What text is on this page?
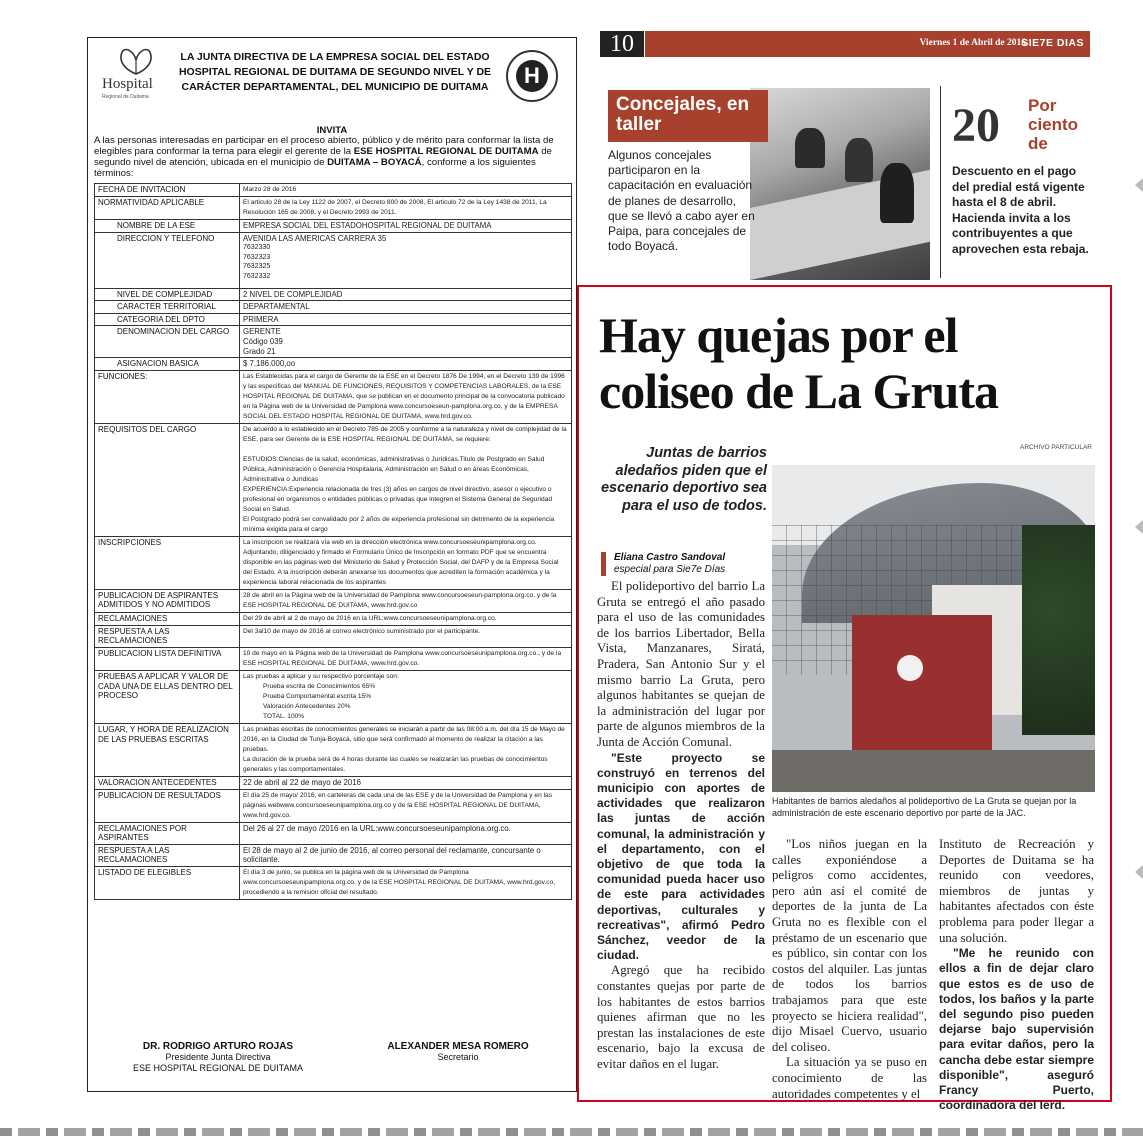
Hospital
Regional de Duitama
LA JUNTA DIRECTIVA DE LA EMPRESA SOCIAL DEL ESTADO HOSPITAL REGIONAL DE DUITAMA DE SEGUNDO NIVEL Y DE CARÁCTER DEPARTAMENTAL, DEL MUNICIPIO DE DUITAMA	H
INVITA
A las personas interesadas en participar en el proceso abierto, público y de mérito para conformar la lista de elegibles para conformar la terna para elegir el gerente de la ESE HOSPITAL REGIONAL DE DUITAMA de segundo nivel de atención, ubicada en el municipio de DUITAMA – BOYACÁ, conforme a los siguientes términos:
FECHA DE INVITACION	Marzo 28 de 2016
NORMATIVIDAD APLICABLE	El articulo 28 de la Ley 1122 de 2007, el Decreto 800 de 2008, El articulo 72 de la Ley 1438 de 2011, La Resolución 165 de 2008, y el Decreto 2993 de 2011.
NOMBRE DE LA ESE	EMPRESA SOCIAL DEL ESTADOHOSPITAL REGIONAL DE DUITAMA
DIRECCION Y TELEFONO	AVENIDA LAS AMERICAS CARRERA 35
7632330
7632323
7632325
7632332

NIVEL DE COMPLEJIDAD	2 NIVEL DE COMPLEJIDAD
CARACTER TERRITORIAL	DEPARTAMENTAL
CATEGORIA DEL DPTO	PRIMERA
DENOMINACION DEL CARGO	GERENTE
Código 039
Grado 21

ASIGNACION BASICA	$ 7.186.000,oo
FUNCIONES:	Las Establecidas para el cargo de Gerente de la ESE en el Decreto 1876 De 1994, en el Decreto 139 de 1996 y las especificas del MANUAL DE FUNCIONES, REQUISITOS Y COMPETENCIAS LABORALES, de la ESE HOSPITAL REGIONAL DE DUITAMA, que se publican en el documento principal de la convocatoria publicado en la Página web de la Universidad de Pamplona www.concursoeseun-pamplona.org.co, y de la EMPRESA SOCIAL DEL ESTADO HOSPITAL REGIONAL DE DUITAMA, www.hrd.gov.co.
REQUISITOS DEL CARGO	De acuerdo a lo establecido en el Decreto 785 de 2005 y conforme a la naturaleza y nivel de complejidad de la ESE, para ser Gerente de la ESE HOSPITAL REGIONAL DE DUITAMA, se requiere:
ESTUDIOS:Ciencias de la salud, económicas, administrativas o Jurídicas.Titulo de Postgrado en Salud Pública, Administración o Gerencia Hospitalaria, Administración en Salud o en áreas Económicas, Administrativa o Jurídicas
EXPERIENCIA:Experiencia relacionada de tres (3) años en cargos de nivel directivo, asesor o ejecutivo o profesional en organismos o entidades públicas o privadas que integren el Sistema General de Seguridad Social en Salud.
El Postgrado podrá ser convalidado por 2 años de experiencia profesional sin detrimento de la experiencia mínima exigida para el cargo

INSCRIPCIONES	La inscripción se realizará vía web en la dirección electrónica www.concursoeseunipamplona.org.co. Adjuntando, diligenciado y firmado el Formulario Único de Inscripción en formato PDF que se encuentra disponible en las páginas web del Ministerio de Salud y Protección Social, del DAFP y de la Empresa Social del Estado. A la inscripción deberán anexarse los documentos que acrediten la formación académica y la experiencia laboral relacionada de los aspirantes
PUBLICACION DE ASPIRANTES ADMITIDOS Y NO ADMITIDOS	28 de abril en la Página web de la Universidad de Pamplona www.concursoeseun-pamplona.org.co. y de la ESE HOSPITAL REGIONAL DE DUITAMA, www.hrd.gov.co
RECLAMACIONES	Del 29 de abril al 2 de mayo de 2016 en la URL:www.concursoeseunipamplona.org.co.
RESPUESTA A LAS RECLAMACIONES	Del 3al10 de mayo de 2016 al correo electrónico suministrado por el participante.
PUBLICACION LISTA DEFINITIVA	10 de mayo en la Página web de la Universidad de Pamplona www.concursoeseunipamplona.org.co., y de la ESE HOSPITAL REGIONAL DE DUITAMA, www.hrd.gov.co.
PRUEBAS A APLICAR Y VALOR DE CADA UNA DE ELLAS DENTRO DEL PROCESO	Las pruebas a aplicar y su respectivo porcentaje son:
Prueba escrita de Conocimientos 65%
Prueba Comportamental escrita 15%
Valoración Antecedentes 20%
TOTAL. 100%

LUGAR, Y HORA DE REALIZACION DE LAS PRUEBAS ESCRITAS	Las pruebas escritas de conocimientos generales se iniciarán a partir de las 08:00 a.m. del día 15 de Mayo de 2016, en la Ciudad de Tunja-Boyacá, sitio que será confirmado al momento de realizar la citación a las pruebas.
La duración de la prueba será de 4 horas durante las cuales se realizarán las pruebas de conocimientos generales y las comportamentales.

VALORACION ANTECEDENTES	22 de abril al 22 de mayo de 2016
PUBLICACION DE RESULTADOS	El día 25 de mayo/ 2016, en carteleras de cada una de las ESE y de la Universidad de Pamplona y en las páginas webwww.concursoeseunipamplona.org.co y de la ESE HOSPITAL REGIONAL DE DUITAMA, www.hrd.gov.co.
RECLAMACIONES POR ASPIRANTES	Del 26 al 27 de mayo /2016 en la URL:www.concursoeseunipamplona.org.co.
RESPUESTA A LAS RECLAMACIONES	El 28 de mayo al 2 de junio de 2016, al correo personal del reclamante, concursante o solicitante.
LISTADO DE ELEGIBLES	El día 3 de junio, se publica en la página web de la Universidad de Pamplona www.concursoeseunipamplona.org.co, y de la ESE HOSPITAL REGIONAL DE DUITAMA, www.hrd.gov.co, procediendo a la remisión oficial del resultado.
DR. RODRIGO ARTURO ROJAS
Presidente Junta Directiva
ESE HOSPITAL REGIONAL DE DUITAMA
ALEXANDER MESA ROMERO
Secretario
10	Viernes 1 de Abril de 2016
SIE7E DIAS
Concejales, en taller
Algunos concejales participaron en la capacitación en evaluación de planes de desarrollo, que se llevó a cabo ayer en Paipa, para concejales de todo Boyacá.
20 Por ciento de
Descuento en el pago del predial está vigente hasta el 8 de abril. Hacienda invita a los contribuyentes a que aprovechen esta rebaja.
Hay quejas por el coliseo de La Gruta
Juntas de barrios aledaños piden que el escenario deportivo sea para el uso de todos.
ARCHIVO PARTICULAR
Eliana Castro Sandoval
especial para Sie7e Días
Habitantes de barrios aledaños al polideportivo de La Gruta se quejan por la administración de este escenario deportivo por parte de la JAC.

El polideportivo del barrio La Gruta se entregó el año pasado para el uso de las comunidades de los barrios Libertador, Bella Vista, Manzanares, Siratá, Pradera, San Antonio Sur y el mismo barrio La Gruta, pero algunos habitantes se quejan de la administración del lugar por parte de algunos miembros de la Junta de Acción Comunal.

"Este proyecto se construyó en terrenos del municipio con aportes de actividades que realizaron las juntas de acción comunal, la administración y el departamento, con el objetivo de que toda la comunidad pueda hacer uso de este para actividades deportivas, culturales y recreativas", afirmó Pedro Sánchez, veedor de la ciudad.

Agregó que ha recibido constantes quejas por parte de los habitantes de estos barrios quienes afirman que no les prestan las instalaciones de este escenario, bajo la excusa de evitar daños en el lugar.

"Los niños juegan en la calles exponiéndose a peligros como accidentes, pero aún así el comité de deportes de la junta de La Gruta no es flexible con el préstamo de un escenario que es público, sin contar con los costos del alquiler. Las juntas de todos los barrios trabajamos para que este proyecto se hiciera realidad", dijo Misael Cuervo, usuario del coliseo.

La situación ya se puso en conocimiento de las autoridades competentes y el

Instituto de Recreación y Deportes de Duitama se ha reunido con veedores, miembros de juntas y habitantes afectados con éste problema para poder llegar a una solución.

"Me he reunido con ellos a fin de dejar claro que estos es de uso de todos, los baños y la parte del segundo piso pueden dejarse bajo supervisión para evitar daños, pero la cancha debe estar siempre disponible", aseguró Francy Puerto, coordinadora del Ierd.
